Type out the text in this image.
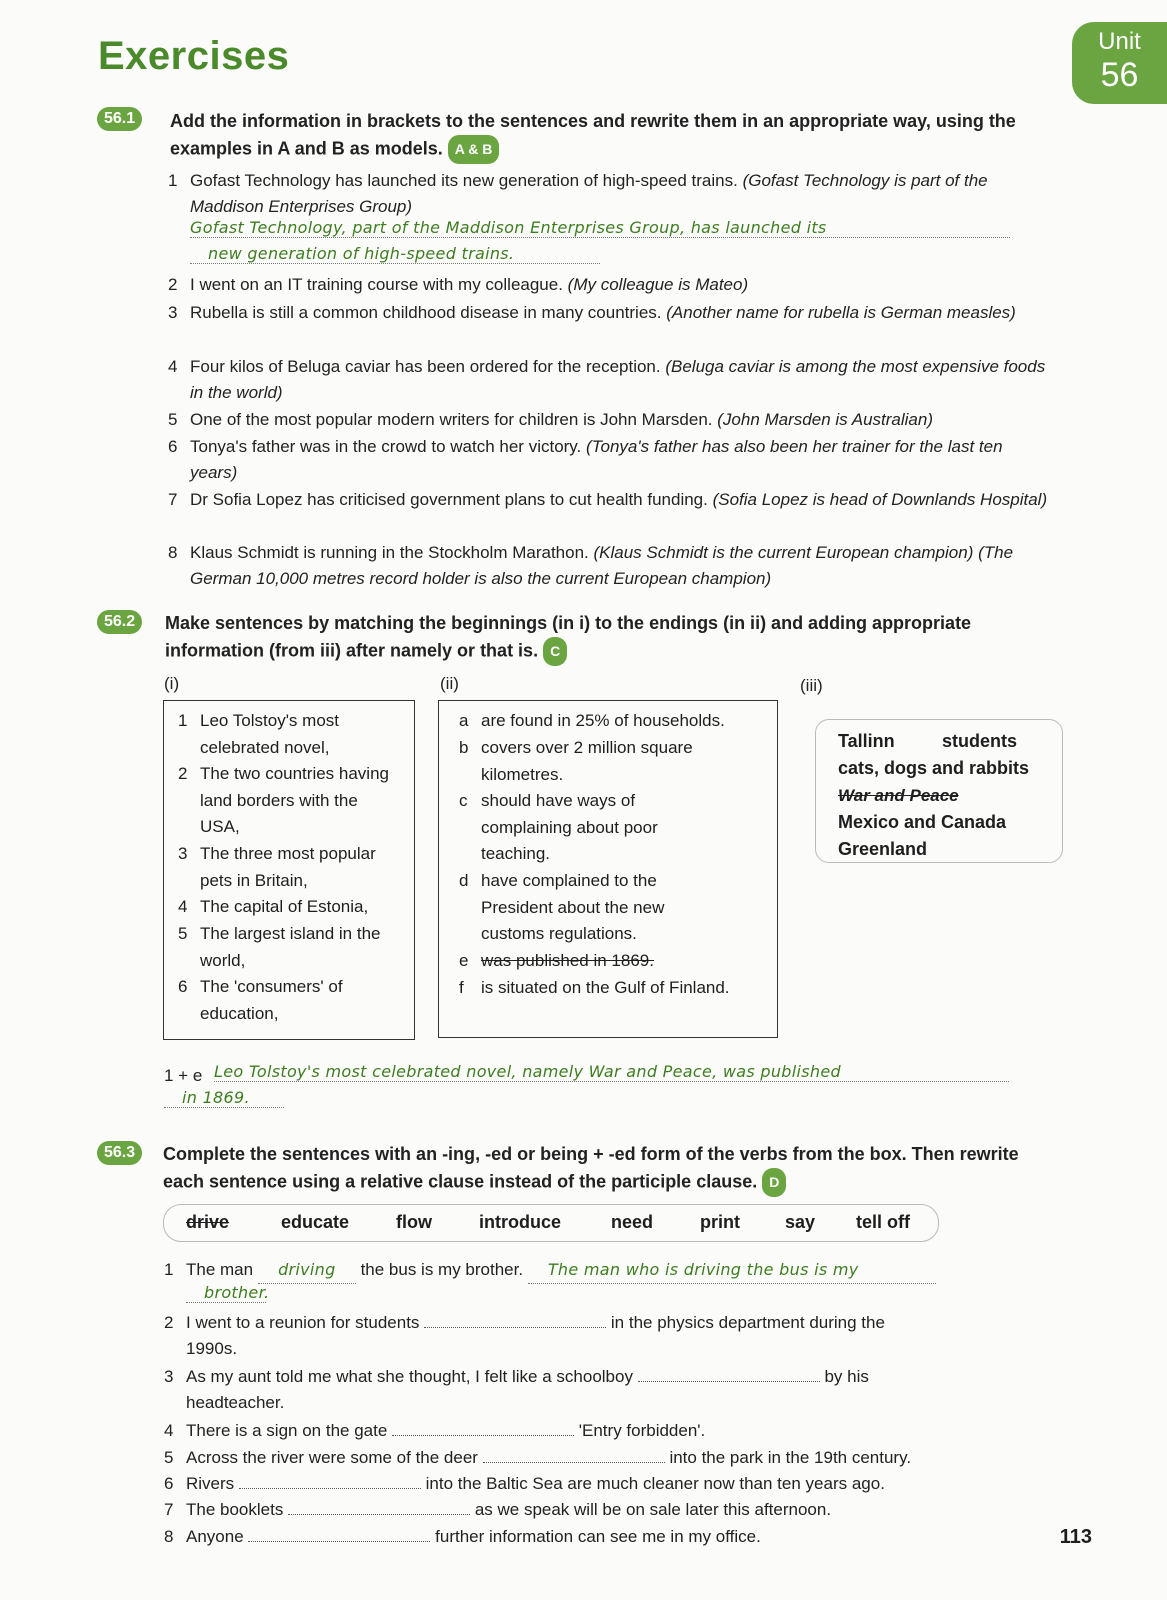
Exercises	Unit
56
56.1	Add the information in brackets to the sentences and rewrite them in an appropriate way, using the examples in A and B as models. A & B
1 Gofast Technology has launched its new generation of high-speed trains. (Gofast Technology is part of the Maddison Enterprises Group)
Gofast Technology, part of the Maddison Enterprises Group, has launched its
new generation of high-speed trains.
2 I went on an IT training course with my colleague. (My colleague is Mateo)
3 Rubella is still a common childhood disease in many countries. (Another name for rubella is German measles)
4 Four kilos of Beluga caviar has been ordered for the reception. (Beluga caviar is among the most expensive foods in the world)
5 One of the most popular modern writers for children is John Marsden. (John Marsden is Australian)
6 Tonya's father was in the crowd to watch her victory. (Tonya's father has also been her trainer for the last ten years)
7 Dr Sofia Lopez has criticised government plans to cut health funding. (Sofia Lopez is head of Downlands Hospital)
8 Klaus Schmidt is running in the Stockholm Marathon. (Klaus Schmidt is the current European champion) (The German 10,000 metres record holder is also the current European champion)
56.2	Make sentences by matching the beginnings (in i) to the endings (in ii) and adding appropriate information (from iii) after namely or that is. C
(i)	(ii)	(iii)
1 Leo Tolstoy's most celebrated novel,
2 The two countries having land borders with the USA,
3 The three most popular pets in Britain,
4 The capital of Estonia,
5 The largest island in the world,
6 The 'consumers' of education,
a are found in 25% of households.
b covers over 2 million square kilometres.
c should have ways of complaining about poor teaching.
d have complained to the President about the new customs regulations.
e was published in 1869.
f is situated on the Gulf of Finland.
Tallinn	students
cats, dogs and rabbits
War and Peace
Mexico and Canada
Greenland
1 + e Leo Tolstoy's most celebrated novel, namely War and Peace, was published
in 1869.
56.3	Complete the sentences with an -ing, -ed or being + -ed form of the verbs from the box. Then rewrite each sentence using a relative clause instead of the participle clause. D
drive	educate	flow	introduce	need	print	say tell off
1 The man driving the bus is my brother. The man who is driving the bus is my
brother.
2 I went to a reunion for students	in the physics department during the
1990s.
3 As my aunt told me what she thought, I felt like a schoolboy	by his
headteacher.
4 There is a sign on the gate	'Entry forbidden'.
5 Across the river were some of the deer	into the park in the 19th century.
6 Rivers	into the Baltic Sea are much cleaner now than ten years ago.
7 The booklets	as we speak will be on sale later this afternoon.
8 Anyone	further information can see me in my office.	113
